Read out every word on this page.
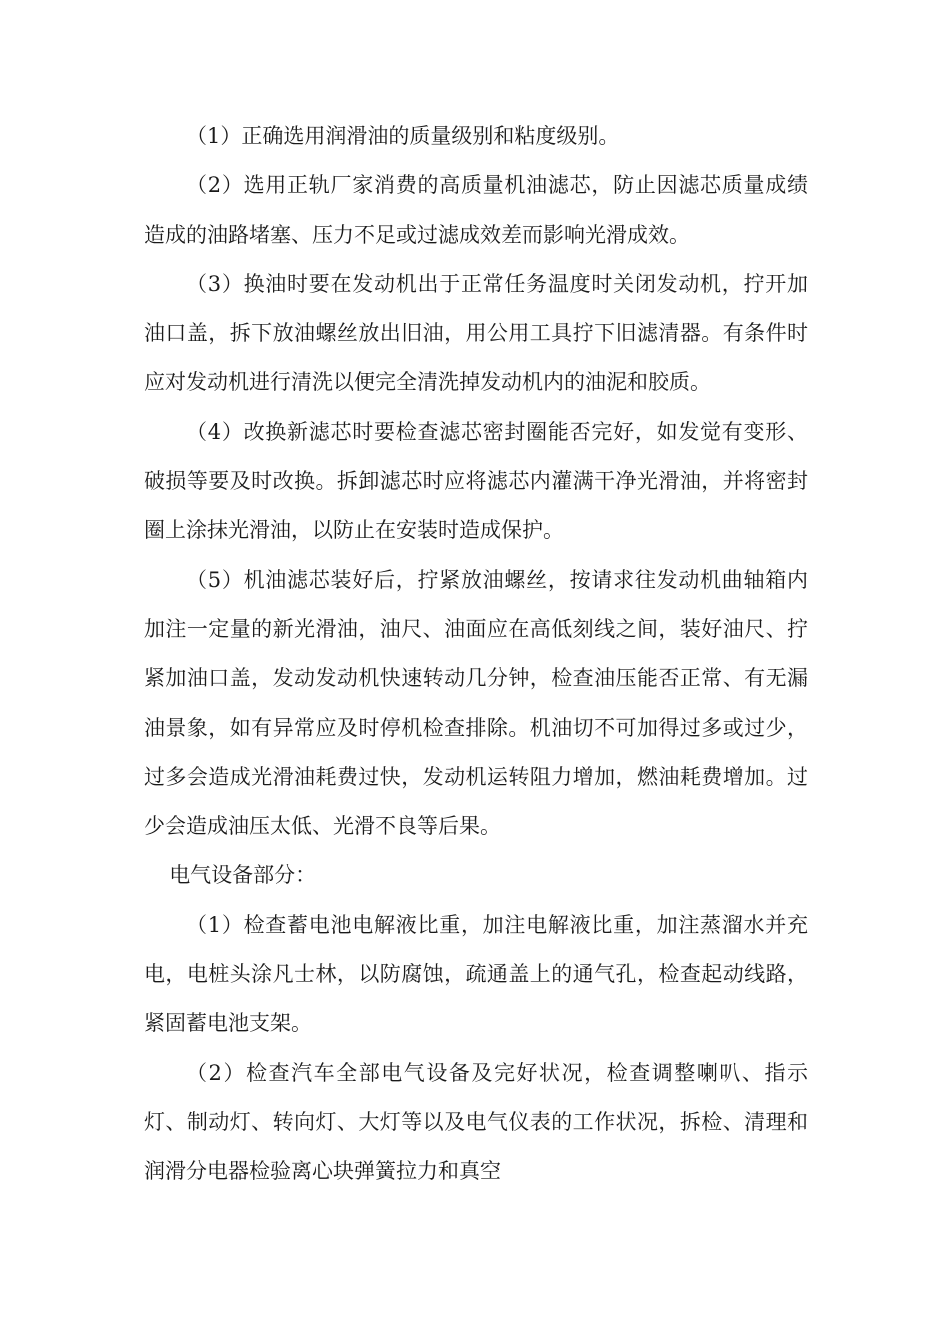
（1）正确选用润滑油的质量级别和粘度级别。

（2）选用正轨厂家消费的高质量机油滤芯，防止因滤芯质量成绩造成的油路堵塞、压力不足或过滤成效差而影响光滑成效。

（3）换油时要在发动机出于正常任务温度时关闭发动机，拧开加油口盖，拆下放油螺丝放出旧油，用公用工具拧下旧滤清器。有条件时应对发动机进行清洗以便完全清洗掉发动机内的油泥和胶质。

（4）改换新滤芯时要检查滤芯密封圈能否完好，如发觉有变形、破损等要及时改换。拆卸滤芯时应将滤芯内灌满干净光滑油，并将密封圈上涂抹光滑油，以防止在安装时造成保护。

（5）机油滤芯装好后，拧紧放油螺丝，按请求往发动机曲轴箱内加注一定量的新光滑油，油尺、油面应在高低刻线之间，装好油尺、拧紧加油口盖，发动发动机快速转动几分钟，检查油压能否正常、有无漏油景象，如有异常应及时停机检查排除。机油切不可加得过多或过少，过多会造成光滑油耗费过快，发动机运转阻力增加，燃油耗费增加。过少会造成油压太低、光滑不良等后果。

电气设备部分：

（1）检查蓄电池电解液比重，加注电解液比重，加注蒸溜水并充电，电桩头涂凡士林，以防腐蚀，疏通盖上的通气孔，检查起动线路，紧固蓄电池支架。

（2）检查汽车全部电气设备及完好状况，检查调整喇叭、指示灯、制动灯、转向灯、大灯等以及电气仪表的工作状况，拆检、清理和润滑分电器检验离心块弹簧拉力和真空
